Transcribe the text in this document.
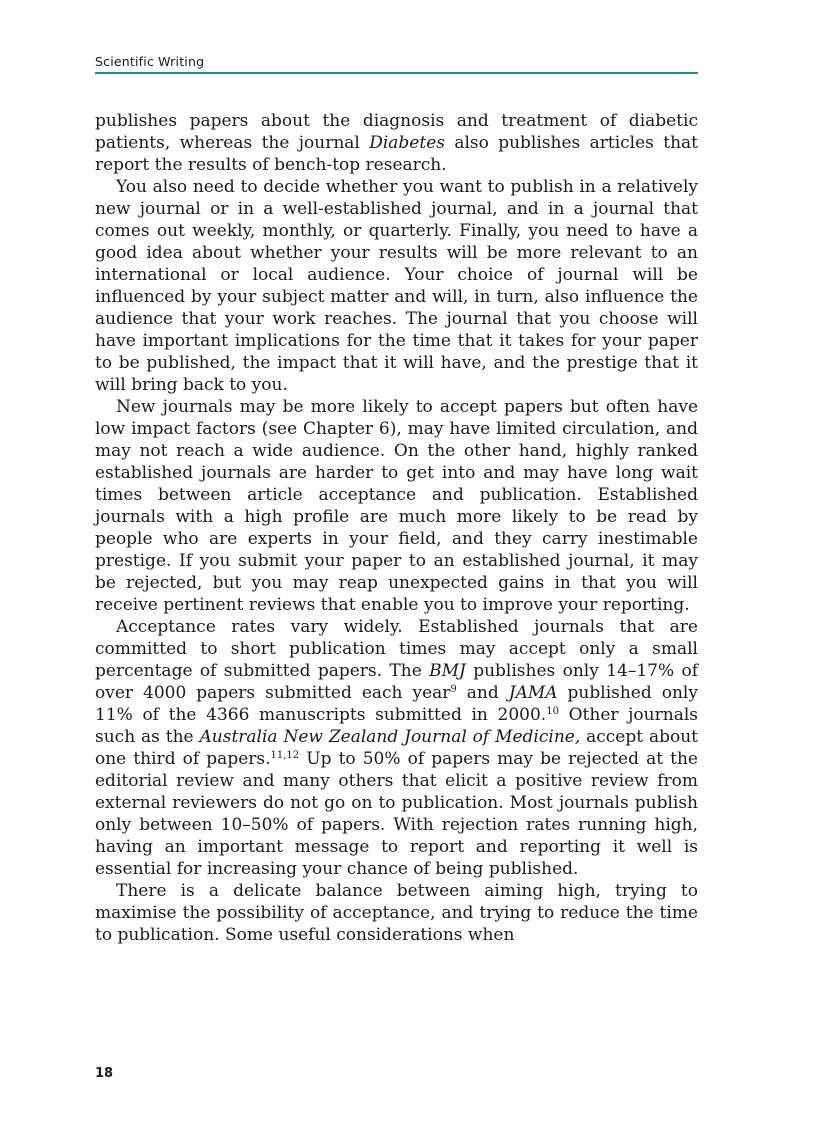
Scientific Writing

publishes papers about the diagnosis and treatment of diabetic patients, whereas the journal Diabetes also publishes articles that report the results of bench-top research.

You also need to decide whether you want to publish in a relatively new journal or in a well-established journal, and in a journal that comes out weekly, monthly, or quarterly. Finally, you need to have a good idea about whether your results will be more relevant to an international or local audience. Your choice of journal will be influenced by your subject matter and will, in turn, also influence the audience that your work reaches. The journal that you choose will have important implications for the time that it takes for your paper to be published, the impact that it will have, and the prestige that it will bring back to you.

New journals may be more likely to accept papers but often have low impact factors (see Chapter 6), may have limited circulation, and may not reach a wide audience. On the other hand, highly ranked established journals are harder to get into and may have long wait times between article acceptance and publication. Established journals with a high profile are much more likely to be read by people who are experts in your field, and they carry inestimable prestige. If you submit your paper to an established journal, it may be rejected, but you may reap unexpected gains in that you will receive pertinent reviews that enable you to improve your reporting.

Acceptance rates vary widely. Established journals that are committed to short publication times may accept only a small percentage of submitted papers. The BMJ publishes only 14–17% of over 4000 papers submitted each year$^9$ and JAMA published only 11% of the 4366 manuscripts submitted in 2000.10 Other journals such as the Australia New Zealand Journal of Medicine, accept about one third of papers.$^{11,12}$ Up to 50% of papers may be rejected at the editorial review and many others that elicit a positive review from external reviewers do not go on to publication. Most journals publish only between 10–50% of papers. With rejection rates running high, having an important message to report and reporting it well is essential for increasing your chance of being published.

There is a delicate balance between aiming high, trying to maximise the possibility of acceptance, and trying to reduce the time to publication. Some useful considerations when

18
